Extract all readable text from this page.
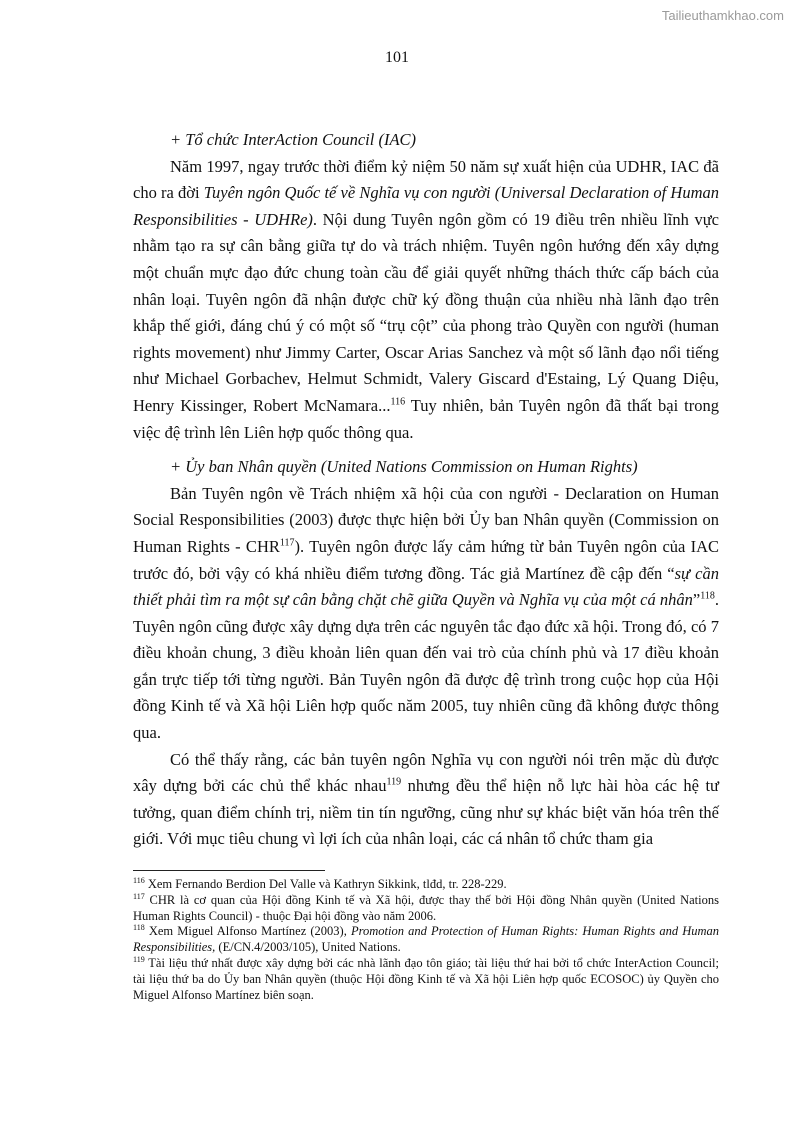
Tailieuthamkhao.com
101

+ Tổ chức InterAction Council (IAC)

Năm 1997, ngay trước thời điểm kỷ niệm 50 năm sự xuất hiện của UDHR, IAC đã cho ra đời Tuyên ngôn Quốc tế về Nghĩa vụ con người (Universal Declaration of Human Responsibilities - UDHRe). Nội dung Tuyên ngôn gồm có 19 điều trên nhiều lĩnh vực nhằm tạo ra sự cân bằng giữa tự do và trách nhiệm. Tuyên ngôn hướng đến xây dựng một chuẩn mực đạo đức chung toàn cầu để giải quyết những thách thức cấp bách của nhân loại. Tuyên ngôn đã nhận được chữ ký đồng thuận của nhiều nhà lãnh đạo trên khắp thế giới, đáng chú ý có một số “trụ cột” của phong trào Quyền con người (human rights movement) như Jimmy Carter, Oscar Arias Sanchez và một số lãnh đạo nổi tiếng như Michael Gorbachev, Helmut Schmidt, Valery Giscard d'Estaing, Lý Quang Diệu, Henry Kissinger, Robert McNamara...$^{116}$ Tuy nhiên, bản Tuyên ngôn đã thất bại trong việc đệ trình lên Liên hợp quốc thông qua.

+ Ủy ban Nhân quyền (United Nations Commission on Human Rights)

Bản Tuyên ngôn về Trách nhiệm xã hội của con người - Declaration on Human Social Responsibilities (2003) được thực hiện bởi Ủy ban Nhân quyền (Commission on Human Rights - CHR$^{117}$). Tuyên ngôn được lấy cảm hứng từ bản Tuyên ngôn của IAC trước đó, bởi vậy có khá nhiều điểm tương đồng. Tác giả Martínez đề cập đến “sự cần thiết phải tìm ra một sự cân bằng chặt chẽ giữa Quyền và Nghĩa vụ của một cá nhân”$^{118}$. Tuyên ngôn cũng được xây dựng dựa trên các nguyên tắc đạo đức xã hội. Trong đó, có 7 điều khoản chung, 3 điều khoản liên quan đến vai trò của chính phủ và 17 điều khoản gắn trực tiếp tới từng người. Bản Tuyên ngôn đã được đệ trình trong cuộc họp của Hội đồng Kinh tế và Xã hội Liên hợp quốc năm 2005, tuy nhiên cũng đã không được thông qua.

Có thể thấy rằng, các bản tuyên ngôn Nghĩa vụ con người nói trên mặc dù được xây dựng bởi các chủ thể khác nhau$^{119}$ nhưng đều thể hiện nỗ lực hài hòa các hệ tư tưởng, quan điểm chính trị, niềm tin tín ngưỡng, cũng như sự khác biệt văn hóa trên thế giới. Với mục tiêu chung vì lợi ích của nhân loại, các cá nhân tổ chức tham gia

$^{116}$ Xem Fernando Berdion Del Valle và Kathryn Sikkink, tlđd, tr. 228-229.

$^{117}$ CHR là cơ quan của Hội đồng Kinh tế và Xã hội, được thay thế bởi Hội đồng Nhân quyền (United Nations Human Rights Council) - thuộc Đại hội đồng vào năm 2006.

$^{118}$ Xem Miguel Alfonso Martínez (2003), Promotion and Protection of Human Rights: Human Rights and Human Responsibilities, (E/CN.4/2003/105), United Nations.

$^{119}$ Tài liệu thứ nhất được xây dựng bởi các nhà lãnh đạo tôn giáo; tài liệu thứ hai bởi tổ chức InterAction Council; tài liệu thứ ba do Ủy ban Nhân quyền (thuộc Hội đồng Kinh tế và Xã hội Liên hợp quốc ECOSOC) ủy Quyền cho Miguel Alfonso Martínez biên soạn.
